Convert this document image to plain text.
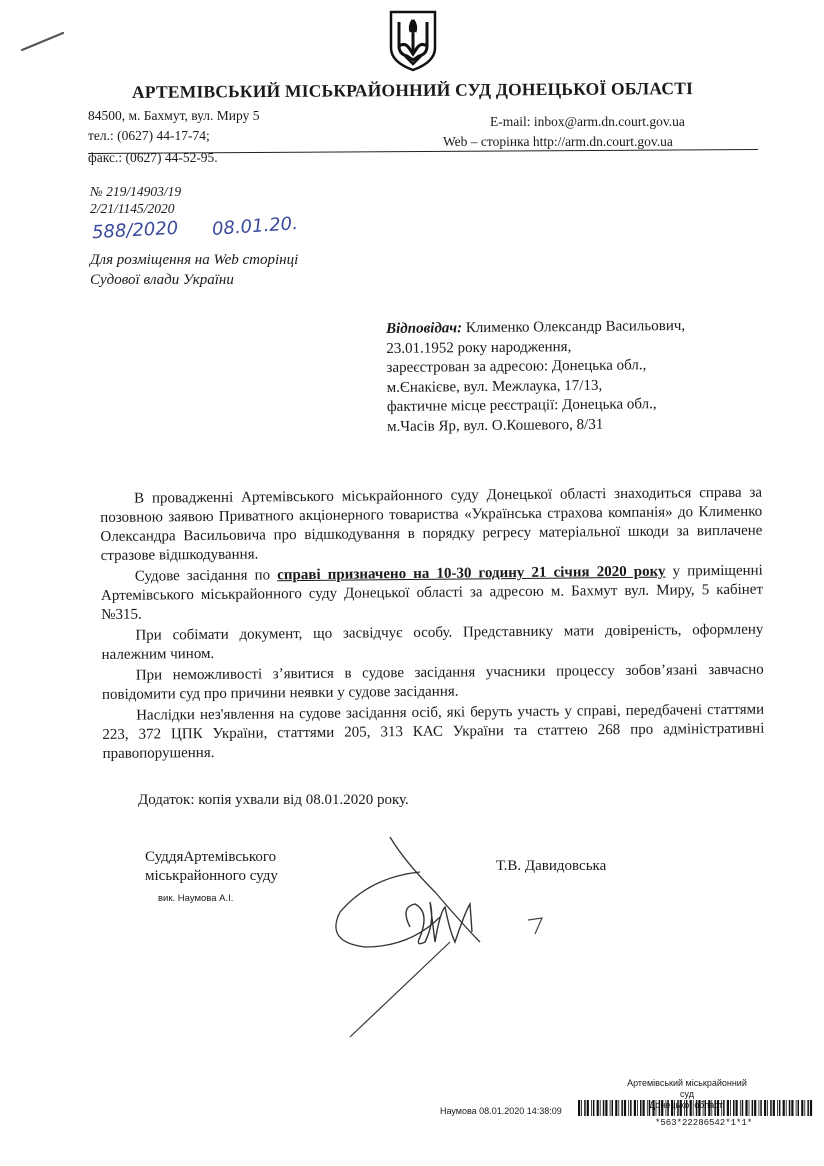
АРТЕМІВСЬКИЙ МІСЬКРАЙОННИЙ СУД ДОНЕЦЬКОЇ ОБЛАСТІ
84500, м. Бахмут, вул. Миру 5
тел.: (0627) 44-17-74;
факс.: (0627) 44-52-95.
E-mail: inbox@arm.dn.court.gov.ua
Web – сторінка http://arm.dn.court.gov.ua
№ 219/14903/19
2/21/1145/2020
588/2020 08.01.20.
Для розміщення на Web сторінці
Судової влади України
Відповідач: Клименко Олександр Васильович,
23.01.1952 року народження,
зареєстрован за адресою: Донецька обл.,
м.Єнакієве, вул. Межлаука, 17/13,
фактичне місце реєстрації: Донецька обл.,
м.Часів Яр, вул. О.Кошевого, 8/31

В провадженні Артемівського міськрайонного суду Донецької області знаходиться справа за позовною заявою Приватного акціонерного товариства «Українська страхова компанія» до Клименко Олександра Васильовича про відшкодування в порядку регресу матеріальної шкоди за виплачене стразове відшкодування.

Судове засідання по справі призначено на 10-30 годину 21 січня 2020 року у приміщенні Артемівського міськрайонного суду Донецької області за адресою м. Бахмут вул. Миру, 5 кабінет №315.

При собімати документ, що засвідчує особу. Представнику мати довіреність, оформлену належним чином.

При неможливості з’явитися в судове засідання учасники процессу зобов’язані завчасно повідомити суд про причини неявки у судове засідання.

Наслідки нез'явлення на судове засідання осіб, які беруть участь у справі, передбачені статтями 223, 372 ЦПК України, статтями 205, 313 КАС України та статтею 268 про адміністративні правопорушення.

Додаток: копія ухвали від 08.01.2020 року.
СуддяАртемівського
міськрайонного суду
вик. Наумова А.І.
Т.В. Давидовська
Артемівський міськрайонний суд
Донецької
Наумова 08.01.2020 14:38:09
*563*22286542*1*1*
